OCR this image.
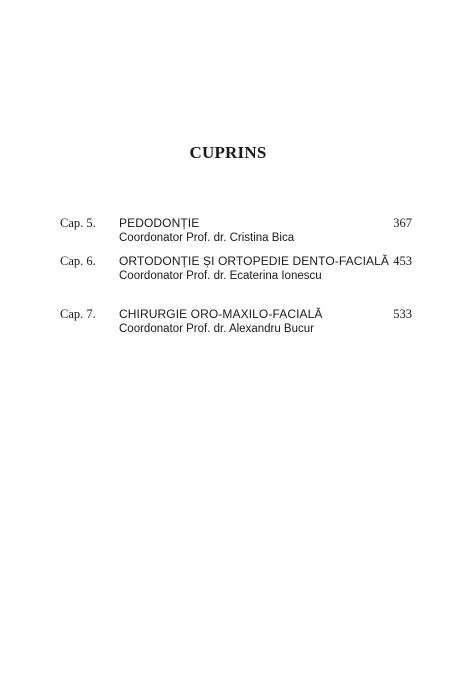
CUPRINS
Cap. 5. PEDODONȚIE
Coordonator Prof. dr. Cristina Bica
367
Cap. 6. ORTODONȚIE ȘI ORTOPEDIE DENTO-FACIALĂ
Coordonator Prof. dr. Ecaterina Ionescu
453
Cap. 7. CHIRURGIE ORO-MAXILO-FACIALĂ
Coordonator Prof. dr. Alexandru Bucur
533
